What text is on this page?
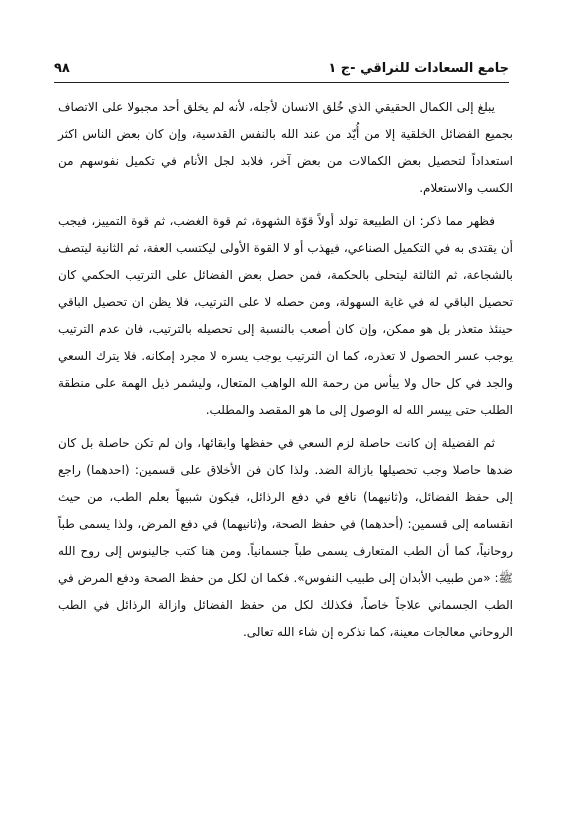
جامع السعادات للنراقي -ج ١
٩٨

يبلغ إلى الكمال الحقيقي الذي خُلق الانسان لأجله، لأنه لم يخلق أحد مجبولا على الاتصاف بجميع الفضائل الخلقية إلا من أُيّد من عند الله بالنفس القدسية، وإن كان بعض الناس اكثر استعداداً لتحصيل بعض الكمالات من بعض آخر، فلابد لجل الأنام في تكميل نفوسهم من الكسب والاستعلام.

فظهر مما ذكر: ان الطبيعة تولد أولاً قوّة الشهوة، ثم قوة الغضب، ثم قوة التمييز، فيجب أن يقتدى به في التكميل الصناعي، فيهذب أو لا القوة الأولى ليكتسب العفة، ثم الثانية ليتصف بالشجاعة، ثم الثالثة ليتحلى بالحكمة، فمن حصل بعض الفضائل على الترتيب الحكمي كان تحصيل الباقي له في غاية السهولة، ومن حصله لا على الترتيب، فلا يظن ان تحصيل الباقي حينئذ متعذر بل هو ممكن، وإن كان أصعب بالنسبة إلى تحصيله بالترتيب، فان عدم الترتيب يوجب عسر الحصول لا تعذره، كما ان الترتيب يوجب يسره لا مجرد إمكانه. فلا يترك السعي والجد في كل حال ولا ييأس من رحمة الله الواهب المتعال، وليشمر ذيل الهمة على منطقة الطلب حتى ييسر الله له الوصول إلى ما هو المقصد والمطلب.

ثم الفضيلة إن كانت حاصلة لزم السعي في حفظها وابقائها، وان لم تكن حاصلة بل كان ضدها حاصلا وجب تحصيلها بازالة الضد. ولذا كان فن الأخلاق على قسمين: (احدهما) راجع إلى حفظ الفضائل، و(ثانيهما) نافع في دفع الرذائل، فيكون شبيهاً بعلم الطب، من حيث انقسامه إلى قسمين: (أحدهما) في حفظ الصحة، و(ثانيهما) في دفع المرض، ولذا يسمى طباً روحانياً، كما أن الطب المتعارف يسمى طباً جسمانياً. ومن هنا كتب جالينوس إلى روح الله ﷺ: «من طبيب الأبدان إلى طبيب النفوس». فكما ان لكل من حفظ الصحة ودفع المرض في الطب الجسماني علاجاً خاصاً، فكذلك لكل من حفظ الفضائل وازالة الرذائل في الطب الروحاني معالجات معينة، كما نذكره إن شاء الله تعالى.
